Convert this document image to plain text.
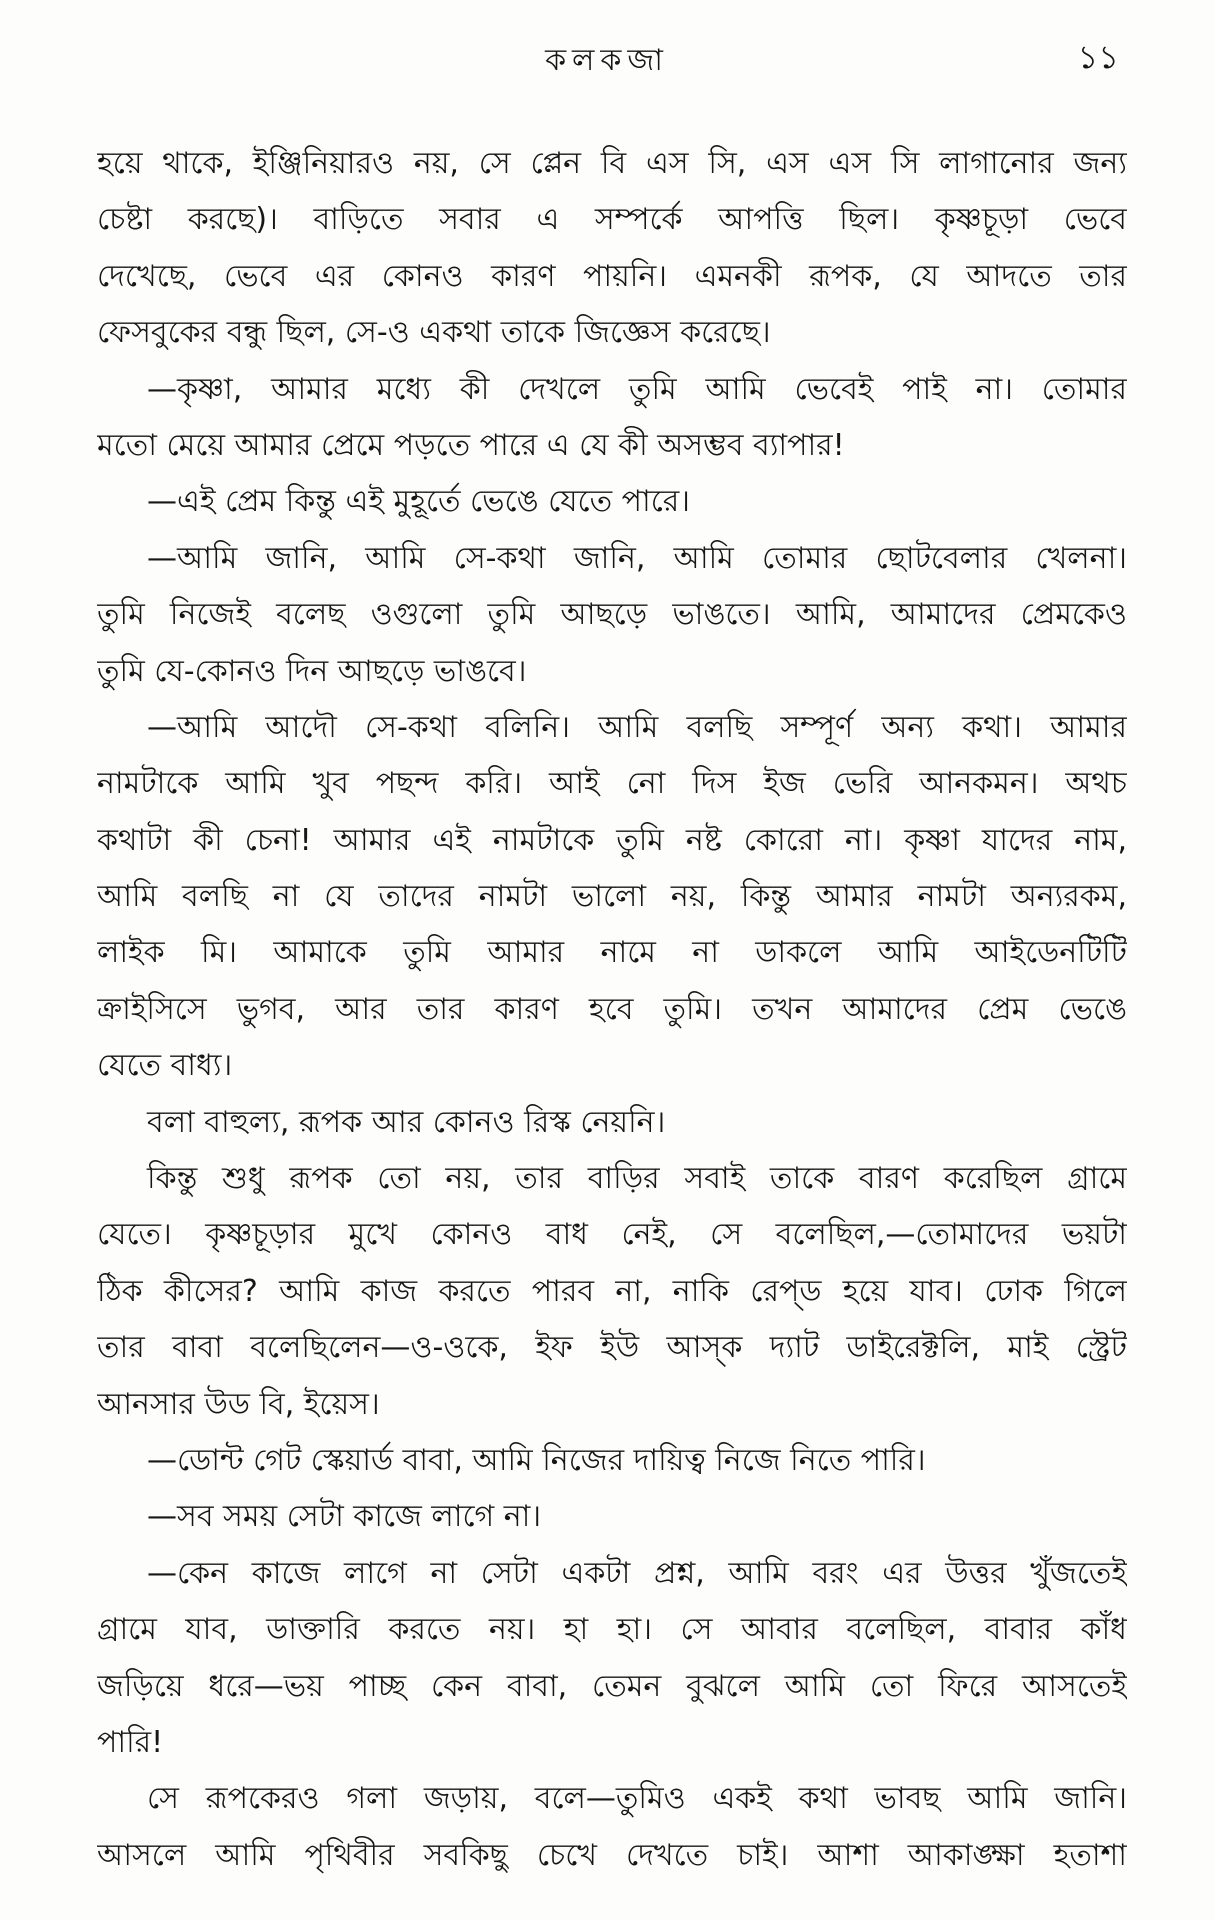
কলকজা	১১
হয়ে থাকে, ইঞ্জিনিয়ারও নয়, সে প্লেন বি এস সি, এস এস সি লাগানোর জন্য
চেষ্টা করছে)। বাড়িতে সবার এ সম্পর্কে আপত্তি ছিল। কৃষ্ণচূড়া ভেবে
দেখেছে, ভেবে এর কোনও কারণ পায়নি। এমনকী রূপক, যে আদতে তার
ফেসবুকের বন্ধু ছিল, সে-ও একথা তাকে জিজ্ঞেস করেছে।
—কৃষ্ণা, আমার মধ্যে কী দেখলে তুমি আমি ভেবেই পাই না। তোমার
মতো মেয়ে আমার প্রেমে পড়তে পারে এ যে কী অসম্ভব ব্যাপার!
—এই প্রেম কিন্তু এই মুহূর্তে ভেঙে যেতে পারে।
—আমি জানি, আমি সে-কথা জানি, আমি তোমার ছোটবেলার খেলনা।
তুমি নিজেই বলেছ ওগুলো তুমি আছড়ে ভাঙতে। আমি, আমাদের প্রেমকেও
তুমি যে-কোনও দিন আছড়ে ভাঙবে।
—আমি আদৌ সে-কথা বলিনি। আমি বলছি সম্পূর্ণ অন্য কথা। আমার
নামটাকে আমি খুব পছন্দ করি। আই নো দিস ইজ ভেরি আনকমন। অথচ
কথাটা কী চেনা! আমার এই নামটাকে তুমি নষ্ট কোরো না। কৃষ্ণা যাদের নাম,
আমি বলছি না যে তাদের নামটা ভালো নয়, কিন্তু আমার নামটা অন্যরকম,
লাইক মি। আমাকে তুমি আমার নামে না ডাকলে আমি আইডেনটিটি
ক্রাইসিসে ভুগব, আর তার কারণ হবে তুমি। তখন আমাদের প্রেম ভেঙে
যেতে বাধ্য।
বলা বাহুল্য, রূপক আর কোনও রিস্ক নেয়নি।
কিন্তু শুধু রূপক তো নয়, তার বাড়ির সবাই তাকে বারণ করেছিল গ্রামে
যেতে। কৃষ্ণচূড়ার মুখে কোনও বাধ নেই, সে বলেছিল,—তোমাদের ভয়টা
ঠিক কীসের? আমি কাজ করতে পারব না, নাকি রেপ্‌ড হয়ে যাব। ঢোক গিলে
তার বাবা বলেছিলেন—ও-ওকে, ইফ ইউ আস্‌ক দ্যাট ডাইরেক্টলি, মাই স্ট্রেট
আনসার উড বি, ইয়েস।
—ডোন্ট গেট স্কেয়ার্ড বাবা, আমি নিজের দায়িত্ব নিজে নিতে পারি।
—সব সময় সেটা কাজে লাগে না।
—কেন কাজে লাগে না সেটা একটা প্রশ্ন, আমি বরং এর উত্তর খুঁজতেই
গ্রামে যাব, ডাক্তারি করতে নয়। হা হা। সে আবার বলেছিল, বাবার কাঁধ
জড়িয়ে ধরে—ভয় পাচ্ছ কেন বাবা, তেমন বুঝলে আমি তো ফিরে আসতেই
পারি!
সে রূপকেরও গলা জড়ায়, বলে—তুমিও একই কথা ভাবছ আমি জানি।
আসলে আমি পৃথিবীর সবকিছু চেখে দেখতে চাই। আশা আকাঙ্ক্ষা হতাশা
